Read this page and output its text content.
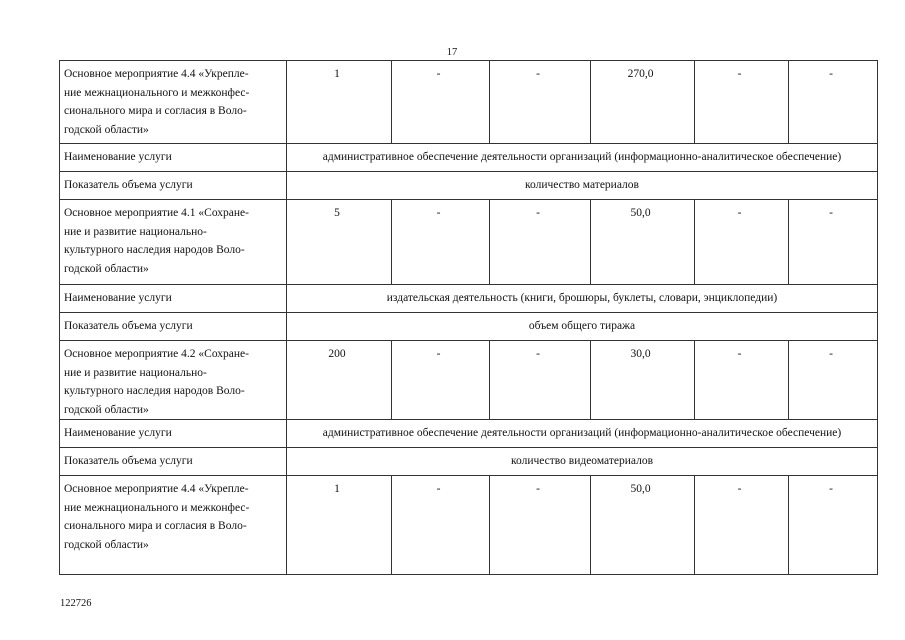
17
Основное мероприятие 4.4 «Укрепле-
ние межнационального и межконфес-
сионального мира и согласия в Воло-
годской области»	1	-	-	270,0	-	-
Наименование услуги	административное обеспечение деятельности организаций (информационно-аналитическое обеспечение)					
Показатель объема услуги	количество материалов					
Основное мероприятие 4.1 «Сохране-
ние и развитие национально-
культурного наследия народов Воло-
годской области»	5	-	-	50,0	-	-
Наименование услуги	издательская деятельность (книги, брошюры, буклеты, словари, энциклопедии)					
Показатель объема услуги	объем общего тиража					
Основное мероприятие 4.2 «Сохране-
ние и развитие национально-
культурного наследия народов Воло-
годской области»	200	-	-	30,0	-	-
Наименование услуги	административное обеспечение деятельности организаций (информационно-аналитическое обеспечение)					
Показатель объема услуги	количество видеоматериалов					
Основное мероприятие 4.4 «Укрепле-
ние межнационального и межконфес-
сионального мира и согласия в Воло-
годской области»	1	-	-	50,0	-	-
122726
